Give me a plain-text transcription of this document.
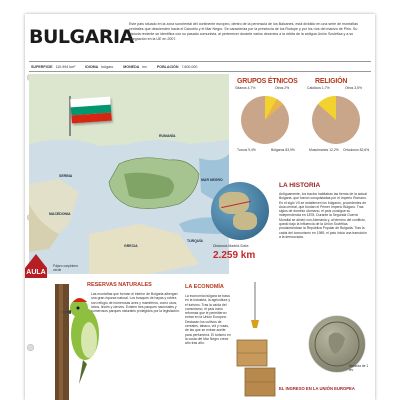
BULGARIA
Este país situado en la zona suroriental del continente europeo, dentro de la península de los Balcanes, está dividido en una serie de montañas centrales que descienden hacia el Danubio y el Mar Negro. Se caracteriza por la presencia de los Ródope y por los ríos del macizo de Pirin. Su historia reciente se identifica con su pasado comunista, al pertenecer durante varios decenios a la órbita de la antigua Unión Soviética y a su integración en la UE en 2007.
SUPERFICIE 110.994 km²	IDIOMA búlgaro	MONEDA lev	POBLACIÓN 7.600.000
RUMANÍA
SERBIA
MAR NEGRO
TURQUÍA
GRECIA
MACEDONIA
GRUPOS ÉTNICOS
Gitanos 4,7%	Otros 2%
Turcos 9,4%	Búlgaros 83,9%
RELIGIÓN
Católicos 1,7%	Otros 3,5%
Musulmanes 12,2% Ortodoxos 82,6%
Distancia Madrid-Sofía
2.259 km
LA HISTORIA
Antiguamente, los tracios habitaban las tierras de la actual Bulgaria, que fueron conquistadas por el Imperio Romano. En el siglo VII se establecen los búlgaros, procedentes de Asia central, que fundan el Primer Imperio Búlgaro. Tras siglos de dominio otomano, el país consigue su independencia en 1878. Durante la Segunda Guerra Mundial se alineó con Alemania y, al término del conflicto, quedó bajo la influencia de la Unión Soviética, proclamándose la República Popular de Bulgaria. Tras la caída del comunismo en 1989, el país inicia una transición a la democracia.
AULA
Pájaro carpintero verde
RESERVAS NATURALES
Las montañas que forman el interior de Bulgaria albergan una gran riqueza natural. Los bosques de hayas y robles son refugio de numerosas aves y mamíferos, como osos, lobos, linces y ciervos. Existen tres parques nacionales y numerosos parques naturales protegidos por la legislación.
LA ECONOMÍA
La economía búlgara se basa en la industria, la agricultura y el turismo. Tras la caída del comunismo, el país inició reformas que le permitieron entrar en la Unión Europea. Destacan los cultivos de cereales, tabaco, vid y rosas, de las que se extrae aceite para perfumería. El turismo en la costa del Mar Negro crece año tras año.
Moneda de 1 lev
EL INGRESO EN LA UNIÓN EUROPEA
